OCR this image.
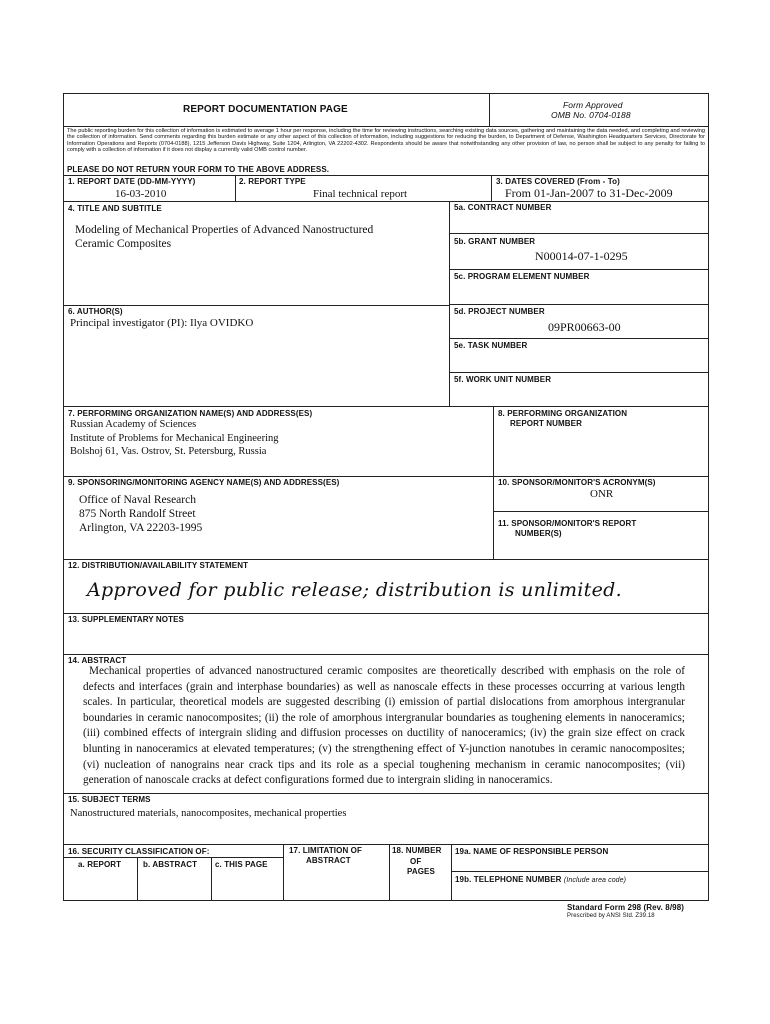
REPORT DOCUMENTATION PAGE	Form Approved
OMB No. 0704-0188
The public reporting burden for this collection of information is estimated to average 1 hour per response, including the time for reviewing instructions, searching existing data sources, gathering and maintaining the data needed, and completing and reviewing the collection of information. Send comments regarding this burden estimate or any other aspect of this collection of information, including suggestions for reducing the burden, to Department of Defense, Washington Headquarters Services, Directorate for Information Operations and Reports (0704-0188), 1215 Jefferson Davis Highway, Suite 1204, Arlington, VA 22202-4302. Respondents should be aware that notwithstanding any other provision of law, no person shall be subject to any penalty for failing to comply with a collection of information if it does not display a currently valid OMB control number.
PLEASE DO NOT RETURN YOUR FORM TO THE ABOVE ADDRESS.
1. REPORT DATE (DD-MM-YYYY)
16-03-2010
2. REPORT TYPE
Final technical report
3. DATES COVERED (From - To)
From 01-Jan-2007 to 31-Dec-2009
4. TITLE AND SUBTITLE
Modeling of Mechanical Properties of Advanced Nanostructured
Ceramic Composites
6. AUTHOR(S)
Principal investigator (PI): Ilya OVIDKO
5a. CONTRACT NUMBER
5b. GRANT NUMBER
N00014-07-1-0295
5c. PROGRAM ELEMENT NUMBER
5d. PROJECT NUMBER
09PR00663-00
5e. TASK NUMBER
5f. WORK UNIT NUMBER
7. PERFORMING ORGANIZATION NAME(S) AND ADDRESS(ES)
Russian Academy of Sciences
Institute of Problems for Mechanical Engineering
Bolshoj 61, Vas. Ostrov, St. Petersburg, Russia
8. PERFORMING ORGANIZATION
REPORT NUMBER
9. SPONSORING/MONITORING AGENCY NAME(S) AND ADDRESS(ES)
Office of Naval Research
875 North Randolf Street
Arlington, VA 22203-1995
10. SPONSOR/MONITOR'S ACRONYM(S)
ONR
11. SPONSOR/MONITOR'S REPORT
NUMBER(S)
12. DISTRIBUTION/AVAILABILITY STATEMENT
Approved for public release; distribution is unlimited.
13. SUPPLEMENTARY NOTES
14. ABSTRACT
Mechanical properties of advanced nanostructured ceramic composites are theoretically described with emphasis on the role of defects and interfaces (grain and interphase boundaries) as well as nanoscale effects in these processes occurring at various length scales. In particular, theoretical models are suggested describing (i) emission of partial dislocations from amorphous intergranular boundaries in ceramic nanocomposites; (ii) the role of amorphous intergranular boundaries as toughening elements in nanoceramics; (iii) combined effects of intergrain sliding and diffusion processes on ductility of nanoceramics; (iv) the grain size effect on crack blunting in nanoceramics at elevated temperatures; (v) the strengthening effect of Y-junction nanotubes in ceramic nanocomposites; (vi) nucleation of nanograins near crack tips and its role as a special toughening mechanism in ceramic nanocomposites; (vii) generation of nanoscale cracks at defect configurations formed due to intergrain sliding in nanoceramics.
15. SUBJECT TERMS
Nanostructured materials, nanocomposites, mechanical properties
16. SECURITY CLASSIFICATION OF:
a. REPORT	b. ABSTRACT c. THIS PAGE
17. LIMITATION OF
ABSTRACT
18. NUMBER
OF
PAGES
19a. NAME OF RESPONSIBLE PERSON
19b. TELEPHONE NUMBER (Include area code)
Standard Form 298 (Rev. 8/98)
Prescribed by ANSI Std. Z39.18
